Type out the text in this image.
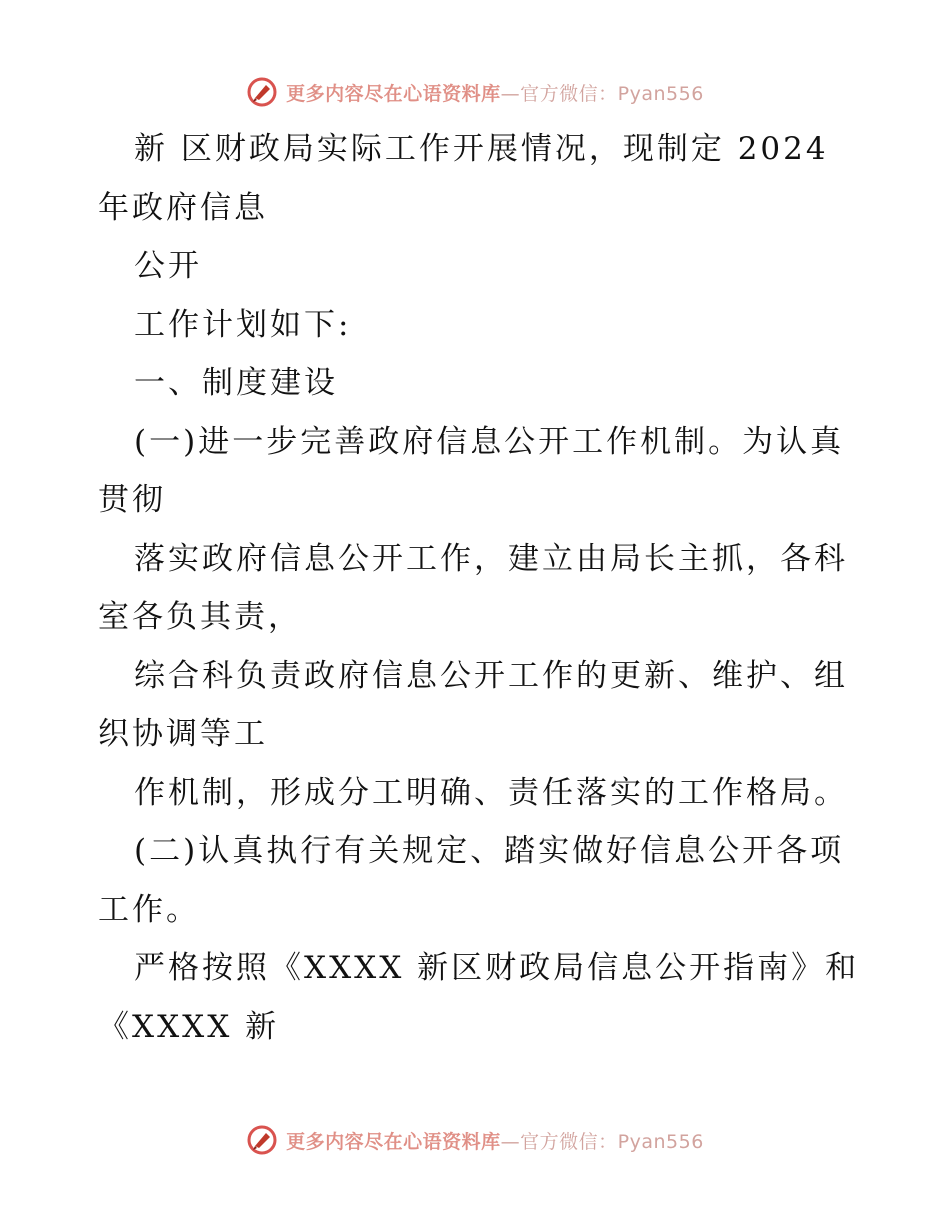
更多内容尽在心语资料库—官方微信：Pyan556
新 区财政局实际工作开展情况，现制定 2024
年政府信息
公开
工作计划如下:
一、制度建设
(一)进一步完善政府信息公开工作机制。为认真
贯彻
落实政府信息公开工作，建立由局长主抓，各科
室各负其责，
综合科负责政府信息公开工作的更新、维护、组
织协调等工
作机制，形成分工明确、责任落实的工作格局。
(二)认真执行有关规定、踏实做好信息公开各项
工作。
严格按照《XXXX 新区财政局信息公开指南》和
《XXXX 新
更多内容尽在心语资料库—官方微信：Pyan556
